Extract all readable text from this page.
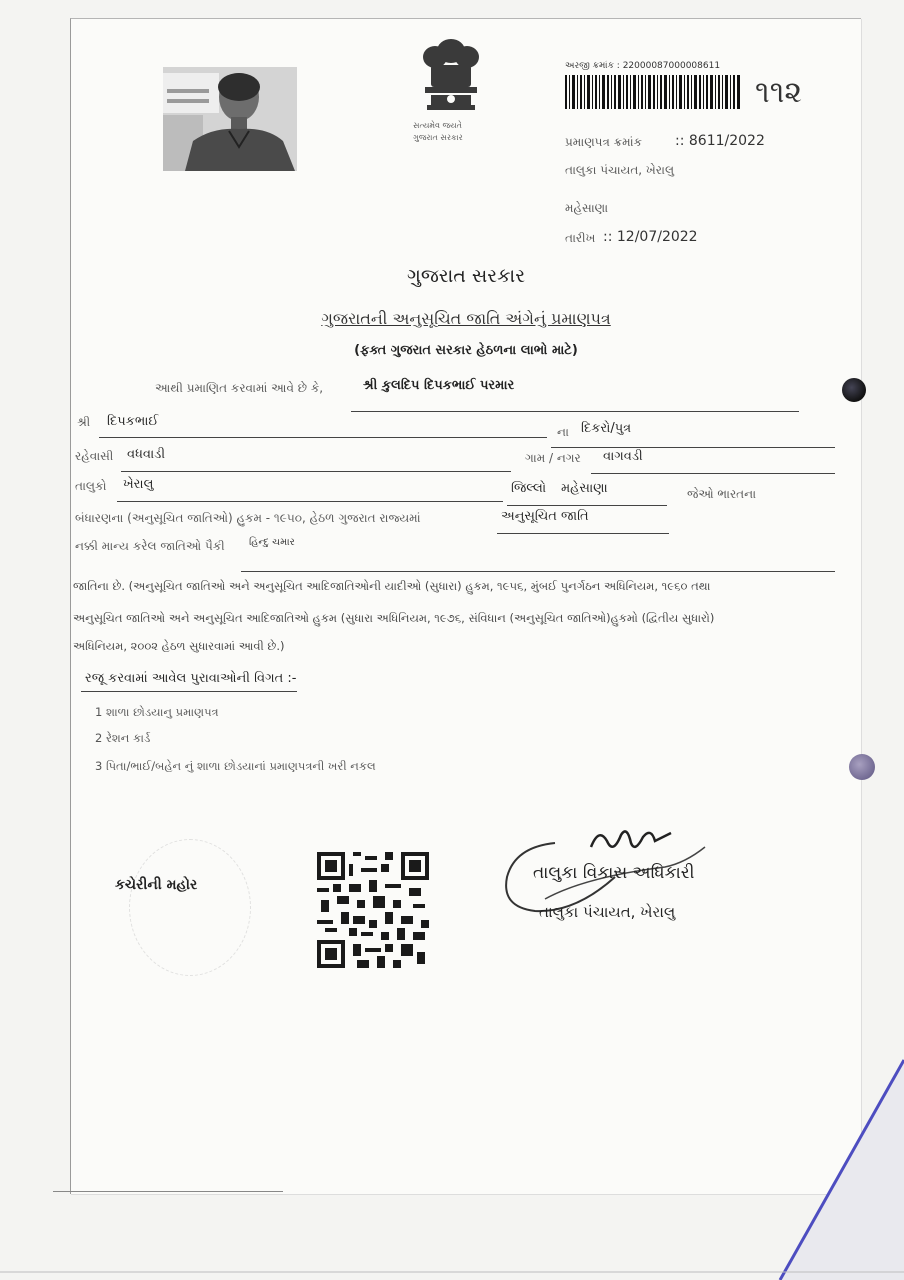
સત્યમેવ જયતે
ગુજરાત સરકાર
અરજી ક્રમાંક : 22000087000008611
૧૧૨
પ્રમાણપત્ર ક્રમાંક :: 8611/2022
તાલુકા પંચાયત, ખેરાલુ
મહેસાણા
તારીખ :: 12/07/2022
ગુજરાત સરકાર
ગુજરાતની અનુસૂચિત જાતિ અંગેનું પ્રમાણપત્ર
(ફક્ત ગુજરાત સરકાર હેઠળના લાભો માટે)
આથી પ્રમાણિત કરવામાં આવે છે કે,	શ્રી કુલદિપ દિપકભાઈ પરમાર
શ્રી દિપકભાઈ
ના દિકરો/પુત્ર
રહેવાસી વધવાડી	ગામ / નગર વાગવડી
તાલુકો ખેરાલુ	જિલ્લો મહેસાણા	જેઓ ભારતના
બંધારણના (અનુસૂચિત જાતિઓ) હુકમ - ૧૯૫૦, હેઠળ ગુજરાત રાજ્યમાં	અનુસૂચિત જાતિ
નક્કી માન્ય કરેલ જાતિઓ પૈકી હિન્દુ ચમાર
જાતિના છે. (અનુસૂચિત જાતિઓ અને અનુસૂચિત આદિજાતિઓની યાદીઓ (સુધારા) હુકમ, ૧૯૫૬, મુંબઈ પુનર્ગઠન અધિનિયમ, ૧૯૬૦ તથા
અનુસૂચિત જાતિઓ અને અનુસૂચિત આદિજાતિઓ હુકમ (સુધારા અધિનિયમ, ૧૯૭૬, સંવિધાન (અનુસૂચિત જાતિઓ)હુકમો (દ્વિતીય સુધારો)
અધિનિયમ, ૨૦૦૨ હેઠળ સુધારવામાં આવી છે.)
રજૂ કરવામાં આવેલ પુરાવાઓની વિગત :-
1 શાળા છોડયાનુ પ્રમાણપત્ર
2 રેશન કાર્ડ
3 પિતા/ભાઈ/બહેન નું શાળા છોડયાનાં પ્રમાણપત્રની ખરી નકલ
કચેરીની મહોર
તાલુકા વિકાસ અધિકારી
તાલુકા પંચાયત, ખેરાલુ
